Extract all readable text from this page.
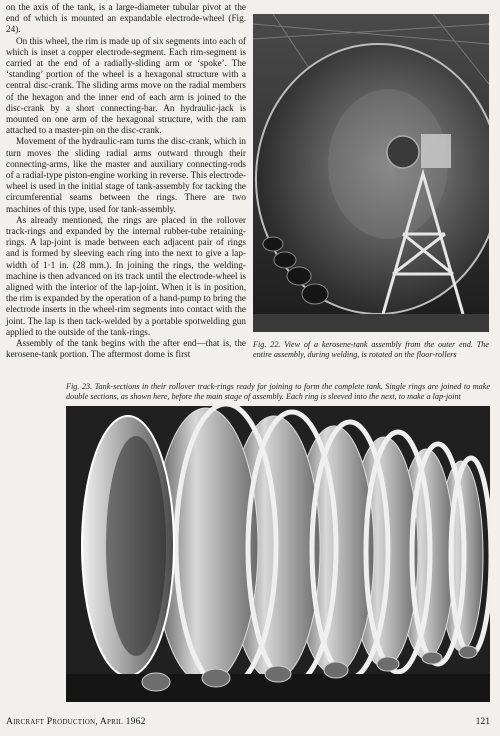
on the axis of the tank, is a large-diameter tubular pivot at the end of which is mounted an expandable electrode-wheel (Fig. 24).

On this wheel, the rim is made up of six segments into each of which is inset a copper electrode-segment. Each rim-segment is carried at the end of a radially-sliding arm or ‘spoke’. The ‘standing’ portion of the wheel is a hexagonal structure with a central disc-crank. The sliding arms move on the radial members of the hexagon and the inner end of each arm is joined to the disc-crank by a short connecting-bar. An hydraulic-jack is mounted on one arm of the hexagonal structure, with the ram attached to a master-pin on the disc-crank.

Movement of the hydraulic-ram turns the disc-crank, which in turn moves the sliding radial arms outward through their connecting-arms, like the master and auxiliary connecting-rods of a radial-type piston-engine working in reverse. This electrode-wheel is used in the initial stage of tank-assembly for tacking the circumferential seams between the rings. There are two machines of this type, used for tank-assembly.

As already mentioned, the rings are placed in the rollover track-rings and expanded by the internal rubber-tube retaining-rings. A lap-joint is made between each adjacent pair of rings and is formed by sleeving each ring into the next to give a lap-width of 1·1 in. (28 mm.). In joining the rings, the welding-machine is then advanced on its track until the electrode-wheel is aligned with the interior of the lap-joint. When it is in position, the rim is expanded by the operation of a hand-pump to bring the electrode inserts in the wheel-rim segments into contact with the joint. The lap is then tack-welded by a portable spotwelding gun applied to the outside of the tank-rings.

Assembly of the tank begins with the after end—that is, the kerosene-tank portion. The aftermost dome is first

Fig. 22. View of a kerosene-tank assembly from the outer end. The entire assembly, during welding, is rotated on the floor-rollers
Fig. 23. Tank-sections in their rollover track-rings ready for joining to form the complete tank. Single rings are joined to make double sections, as shown here, before the main stage of assembly. Each ring is sleeved into the next, to make a lap-joint
Aircraft Production, April 1962	121
